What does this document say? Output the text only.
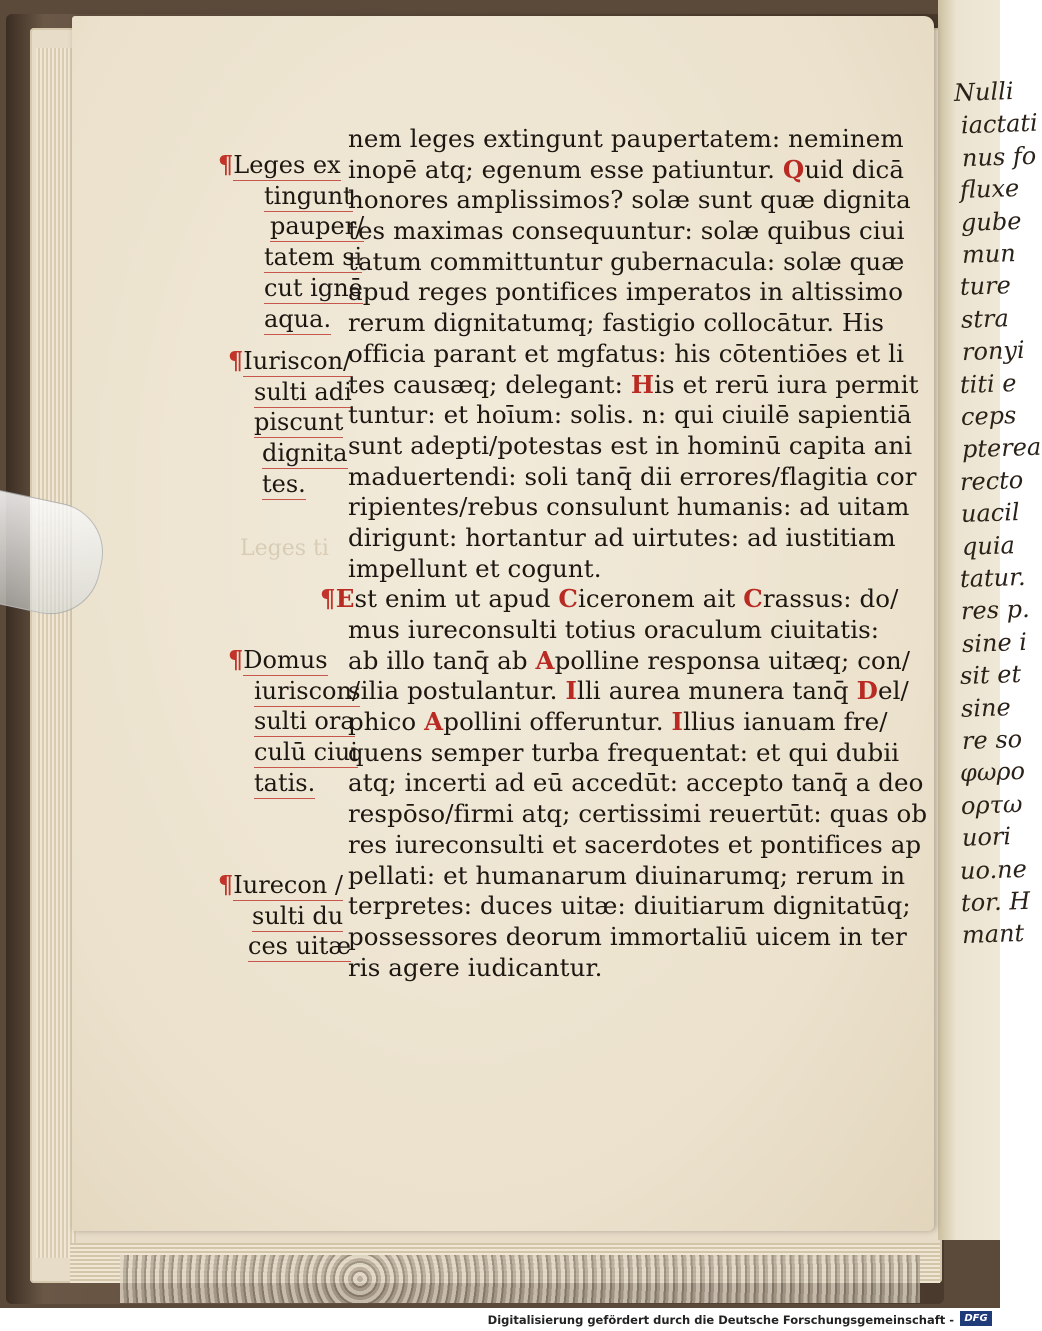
Nulli
iactati
nus fo
fluxe
gube
mun
ture
stra
ronyi
titi e
ceps
pterea
recto
uacil
quia
tatur.
res p.
sine i
sit et
sine
re so
φωρο
ορτω
uori
uo.ne
tor. H
mant
Leges ti
¶Leges ex
tingunt
pauper/
tatem si
cut ignē
aqua.
¶Iuriscon/
sulti adi
piscunt
dignita
tes.
¶Domus
iuriscon/
sulti ora
culū ciui
tatis.
¶Iurecon /
sulti du
ces uitæ
nem leges extingunt paupertatem: neminem
inopē atq; egenum esse patiuntur. Quid dicā
honores amplissimos? solæ sunt quæ dignita
tes maximas consequuntur: solæ quibus ciui
tatum committuntur gubernacula: solæ quæ
apud reges pontifices imperatos in altissimo
rerum dignitatumq; fastigio collocātur. His
officia parant et mgfatus: his cōtentiōes et li
tes causæq; delegant: His et rerū iura permit
tuntur: et hoīum: solis. n: qui ciuilē sapientiā
sunt adepti/potestas est in hominū capita ani
maduertendi: soli tanq̄ dii errores/flagitia cor
ripientes/rebus consulunt humanis: ad uitam
dirigunt: hortantur ad uirtutes: ad iustitiam
impellunt et cogunt.
¶Est enim ut apud Ciceronem ait Crassus: do/
mus iureconsulti totius oraculum ciuitatis:
ab illo tanq̄ ab Apolline responsa uitæq; con/
silia postulantur. Illi aurea munera tanq̄ Del/
phico Apollini offeruntur. Illius ianuam fre/
quens semper turba frequentat: et qui dubii
atq; incerti ad eū accedūt: accepto tanq̄ a deo
respōso/firmi atq; certissimi reuertūt: quas ob
res iureconsulti et sacerdotes et pontifices ap
pellati: et humanarum diuinarumq; rerum in
terpretes: duces uitæ: diuitiarum dignitatūq;
possessores deorum immortaliū uicem in ter
ris agere iudicantur.
Digitalisierung gefördert durch die Deutsche Forschungsgemeinschaft -	DFG
